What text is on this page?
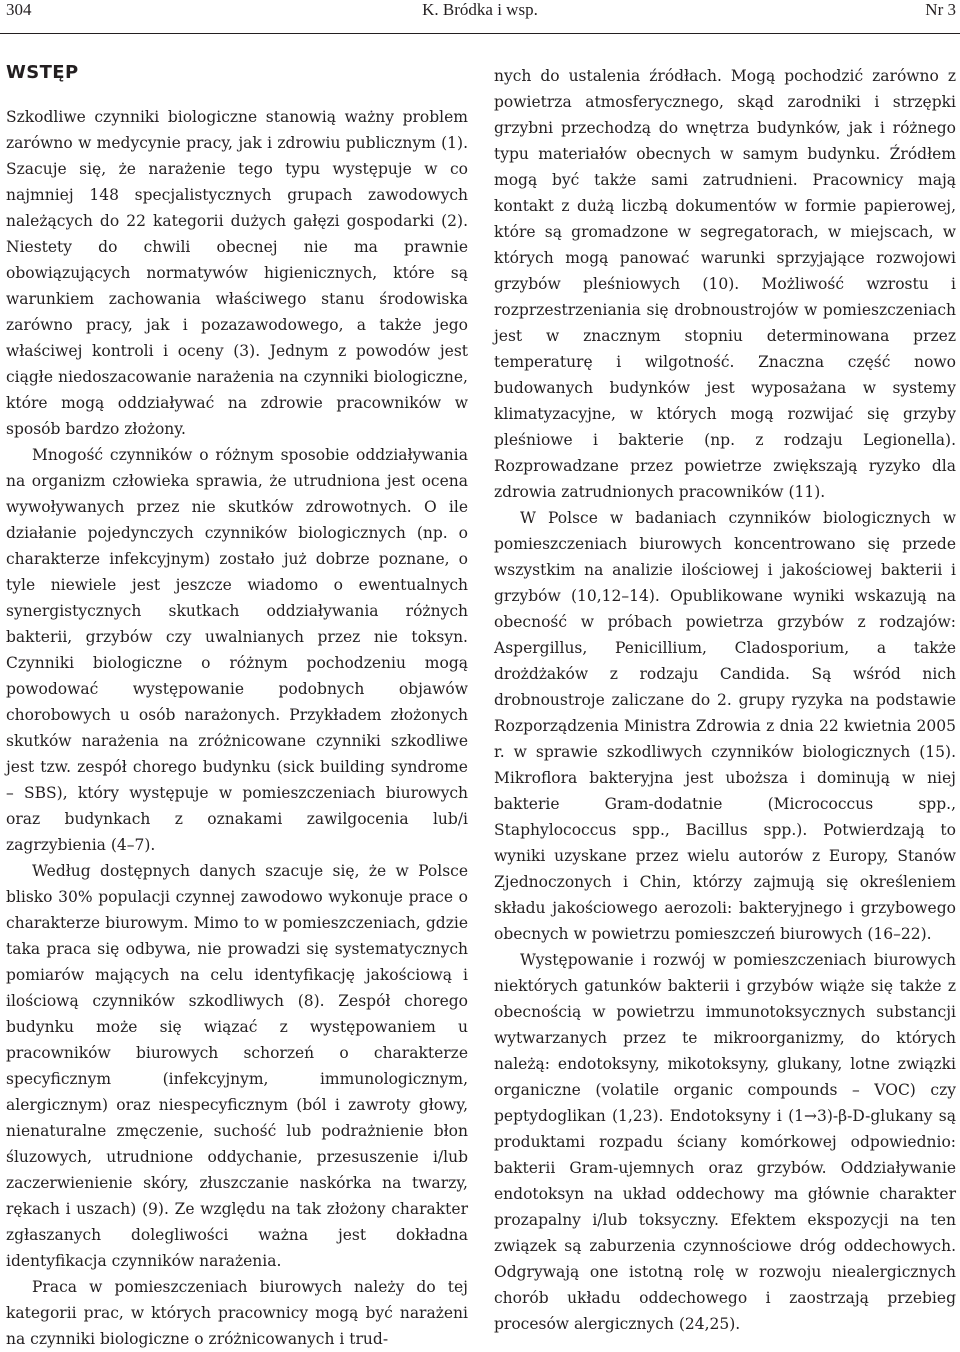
304	K. Bródka i wsp.	Nr 3
WSTĘP

Szkodliwe czynniki biologiczne stanowią ważny problem zarówno w medycynie pracy, jak i zdrowiu publicznym (1). Szacuje się, że narażenie tego typu występuje w co najmniej 148 specjalistycznych grupach zawodowych należących do 22 kategorii dużych gałęzi gospodarki (2). Niestety do chwili obecnej nie ma prawnie obowiązujących normatywów higienicznych, które są warunkiem zachowania właściwego stanu środowiska zarówno pracy, jak i pozazawodowego, a także jego właściwej kontroli i oceny (3). Jednym z powodów jest ciągłe niedoszacowanie narażenia na czynniki biologiczne, które mogą oddziaływać na zdrowie pracowników w sposób bardzo złożony.

Mnogość czynników o różnym sposobie oddziaływania na organizm człowieka sprawia, że utrudniona jest ocena wywoływanych przez nie skutków zdrowotnych. O ile działanie pojedynczych czynników biologicznych (np. o charakterze infekcyjnym) zostało już dobrze poznane, o tyle niewiele jest jeszcze wiadomo o ewentualnych synergistycznych skutkach oddziaływania różnych bakterii, grzybów czy uwalnianych przez nie toksyn. Czynniki biologiczne o różnym pochodzeniu mogą powodować występowanie podobnych objawów chorobowych u osób narażonych. Przykładem złożonych skutków narażenia na zróżnicowane czynniki szkodliwe jest tzw. zespół chorego budynku (sick building syndrome – SBS), który występuje w pomieszczeniach biurowych oraz budynkach z oznakami zawilgocenia lub/i zagrzybienia (4–7).

Według dostępnych danych szacuje się, że w Polsce blisko 30% populacji czynnej zawodowo wykonuje prace o charakterze biurowym. Mimo to w pomieszczeniach, gdzie taka praca się odbywa, nie prowadzi się systematycznych pomiarów mających na celu identyfikację jakościową i ilościową czynników szkodliwych (8). Zespół chorego budynku może się wiązać z występowaniem u pracowników biurowych schorzeń o charakterze specyficznym (infekcyjnym, immunologicznym, alergicznym) oraz niespecyficznym (ból i zawroty głowy, nienaturalne zmęczenie, suchość lub podrażnienie błon śluzowych, utrudnione oddychanie, przesuszenie i/lub zaczerwienienie skóry, złuszczanie naskórka na twarzy, rękach i uszach) (9). Ze względu na tak złożony charakter zgłaszanych dolegliwości ważna jest dokładna identyfikacja czynników narażenia.

Praca w pomieszczeniach biurowych należy do tej kategorii prac, w których pracownicy mogą być narażeni na czynniki biologiczne o zróżnicowanych i trud-

nych do ustalenia źródłach. Mogą pochodzić zarówno z powietrza atmosferycznego, skąd zarodniki i strzępki grzybni przechodzą do wnętrza budynków, jak i różnego typu materiałów obecnych w samym budynku. Źródłem mogą być także sami zatrudnieni. Pracownicy mają kontakt z dużą liczbą dokumentów w formie papierowej, które są gromadzone w segregatorach, w miejscach, w których mogą panować warunki sprzyjające rozwojowi grzybów pleśniowych (10). Możliwość wzrostu i rozprzestrzeniania się drobnoustrojów w pomieszczeniach jest w znacznym stopniu determinowana przez temperaturę i wilgotność. Znaczna część nowo budowanych budynków jest wyposażana w systemy klimatyzacyjne, w których mogą rozwijać się grzyby pleśniowe i bakterie (np. z rodzaju Legionella). Rozprowadzane przez powietrze zwiększają ryzyko dla zdrowia zatrudnionych pracowników (11).

W Polsce w badaniach czynników biologicznych w pomieszczeniach biurowych koncentrowano się przede wszystkim na analizie ilościowej i jakościowej bakterii i grzybów (10,12–14). Opublikowane wyniki wskazują na obecność w próbach powietrza grzybów z rodzajów: Aspergillus, Penicillium, Cladosporium, a także drożdżaków z rodzaju Candida. Są wśród nich drobnoustroje zaliczane do 2. grupy ryzyka na podstawie Rozporządzenia Ministra Zdrowia z dnia 22 kwietnia 2005 r. w sprawie szkodliwych czynników biologicznych (15). Mikroflora bakteryjna jest uboższa i dominują w niej bakterie Gram-dodatnie (Micrococcus spp., Staphylococcus spp., Bacillus spp.). Potwierdzają to wyniki uzyskane przez wielu autorów z Europy, Stanów Zjednoczonych i Chin, którzy zajmują się określeniem składu jakościowego aerozoli: bakteryjnego i grzybowego obecnych w powietrzu pomieszczeń biurowych (16–22).

Występowanie i rozwój w pomieszczeniach biurowych niektórych gatunków bakterii i grzybów wiąże się także z obecnością w powietrzu immunotoksycznych substancji wytwarzanych przez te mikroorganizmy, do których należą: endotoksyny, mikotoksyny, glukany, lotne związki organiczne (volatile organic compounds – VOC) czy peptydoglikan (1,23). Endotoksyny i (1→3)-β-D-glukany są produktami rozpadu ściany komórkowej odpowiednio: bakterii Gram-ujemnych oraz grzybów. Oddziaływanie endotoksyn na układ oddechowy ma głównie charakter prozapalny i/lub toksyczny. Efektem ekspozycji na ten związek są zaburzenia czynnościowe dróg oddechowych. Odgrywają one istotną rolę w rozwoju niealergicznych chorób układu oddechowego i zaostrzają przebieg procesów alergicznych (24,25).
